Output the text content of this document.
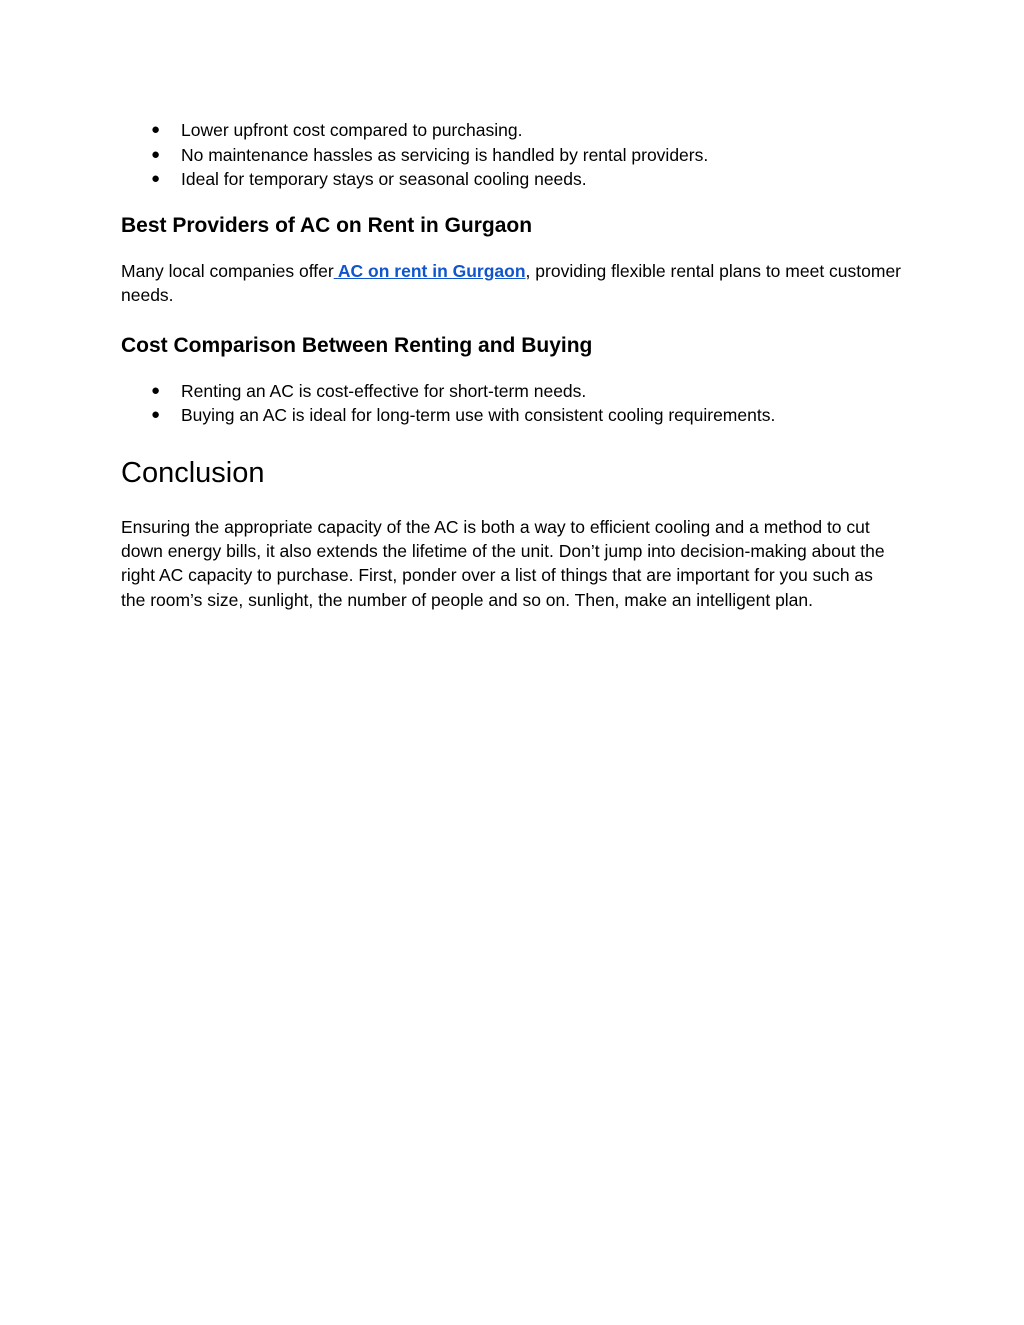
● Lower upfront cost compared to purchasing.
● No maintenance hassles as servicing is handled by rental providers.
● Ideal for temporary stays or seasonal cooling needs.
Best Providers of AC on Rent in Gurgaon

Many local companies offer AC on rent in Gurgaon, providing flexible rental plans to meet customer needs.

Cost Comparison Between Renting and Buying
● Renting an AC is cost-effective for short-term needs.
● Buying an AC is ideal for long-term use with consistent cooling requirements.
Conclusion

Ensuring the appropriate capacity of the AC is both a way to efficient cooling and a method to cut down energy bills, it also extends the lifetime of the unit. Don’t jump into decision-making about the right AC capacity to purchase. First, ponder over a list of things that are important for you such as the room’s size, sunlight, the number of people and so on. Then, make an intelligent plan.
